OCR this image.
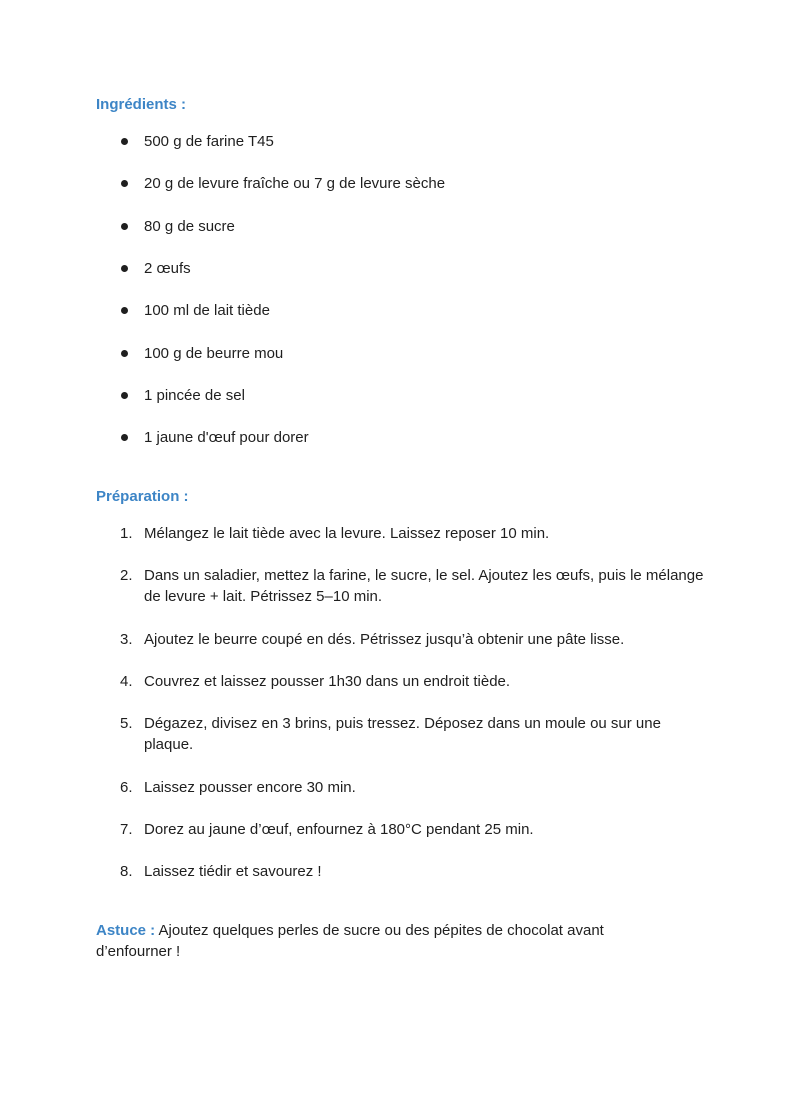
Ingrédients :
500 g de farine T45
20 g de levure fraîche ou 7 g de levure sèche
80 g de sucre
2 œufs
100 ml de lait tiède
100 g de beurre mou
1 pincée de sel
1 jaune d'œuf pour dorer
Préparation :
1. Mélangez le lait tiède avec la levure. Laissez reposer 10 min.
2. Dans un saladier, mettez la farine, le sucre, le sel. Ajoutez les œufs, puis le mélange de levure + lait. Pétrissez 5–10 min.
3. Ajoutez le beurre coupé en dés. Pétrissez jusqu’à obtenir une pâte lisse.
4. Couvrez et laissez pousser 1h30 dans un endroit tiède.
5. Dégazez, divisez en 3 brins, puis tressez. Déposez dans un moule ou sur une plaque.
6. Laissez pousser encore 30 min.
7. Dorez au jaune d’œuf, enfournez à 180°C pendant 25 min.
8. Laissez tiédir et savourez !
Astuce : Ajoutez quelques perles de sucre ou des pépites de chocolat avant d’enfourner !
